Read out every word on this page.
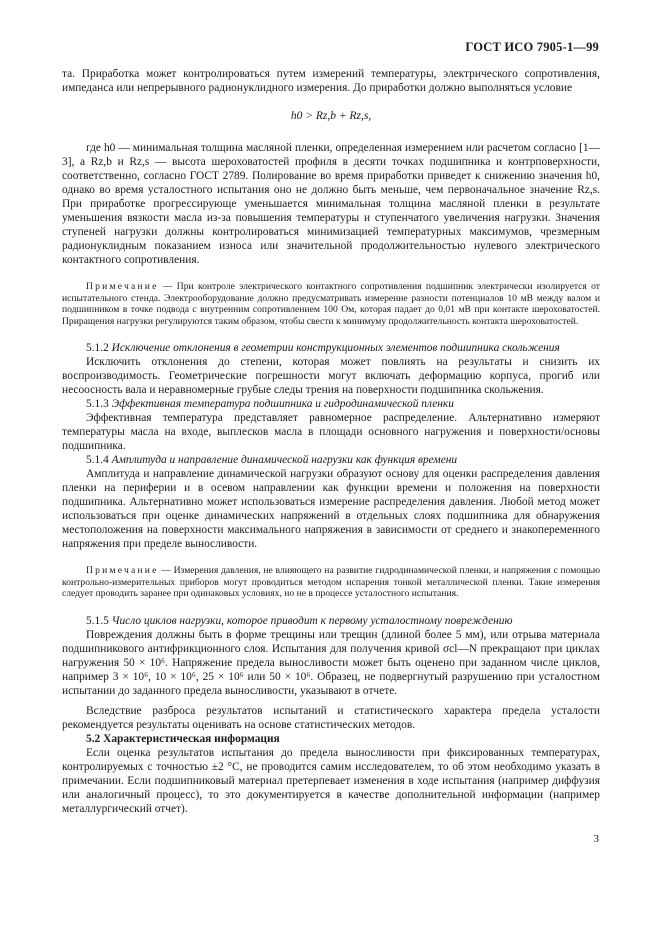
ГОСТ ИСО 7905-1—99

та. Приработка может контролироваться путем измерений температуры, электрического сопротивления, импеданса или непрерывного радионуклидного измерения. До приработки должно выполняться условие

h0 > Rz,b + Rz,s,

где h0 — минимальная толщина масляной пленки, определенная измерением или расчетом согласно [1—3], а Rz,b и Rz,s — высота шероховатостей профиля в десяти точках подшипника и контрповерхности, соответственно, согласно ГОСТ 2789. Полирование во время приработки приведет к снижению значения h0, однако во время усталостного испытания оно не должно быть меньше, чем первоначальное значение Rz,s. При приработке прогрессирующе уменьшается минимальная толщина масляной пленки в результате уменьшения вязкости масла из-за повышения температуры и ступенчатого увеличения нагрузки. Значения ступеней нагрузки должны контролироваться минимизацией температурных максимумов, чрезмерным радионуклидным показанием износа или значительной продолжительностью нулевого электрического контактного сопротивления.

Примечание — При контроле электрического контактного сопротивления подшипник электрически изолируется от испытательного стенда. Электрооборудование должно предусматривать измерение разности потенциалов 10 мВ между валом и подшипником в точке подвода с внутренним сопротивлением 100 Ом, которая падает до 0,01 мВ при контакте шероховатостей. Приращения нагрузки регулируются таким образом, чтобы свести к минимуму продолжительность контакта шероховатостей.

5.1.2 Исключение отклонения в геометрии конструкционных элементов подшипника скольжения

Исключить отклонения до степени, которая может повлиять на результаты и снизить их воспроизводимость. Геометрические погрешности могут включать деформацию корпуса, прогиб или несоосность вала и неравномерные грубые следы трения на поверхности подшипника скольжения.

5.1.3 Эффективная температура подшипника и гидродинамической пленки

Эффективная температура представляет равномерное распределение. Альтернативно измеряют температуры масла на входе, выплесков масла в площади основного нагружения и поверхности/основы подшипника.

5.1.4 Амплитуда и направление динамической нагрузки как функция времени

Амплитуда и направление динамической нагрузки образуют основу для оценки распределения давления пленки на периферии и в осевом направлении как функции времени и положения на поверхности подшипника. Альтернативно может использоваться измерение распределения давления. Любой метод может использоваться при оценке динамических напряжений в отдельных слоях подшипника для обнаружения местоположения на поверхности максимального напряжения в зависимости от среднего и знакопеременного напряжения при пределе выносливости.

Примечание — Измерения давления, не влияющего на развитие гидродинамической пленки, и напряжения с помощью контрольно-измерительных приборов могут проводиться методом испарения тонкой металлической пленки. Такие измерения следует проводить заранее при одинаковых условиях, но не в процессе усталостного испытания.

5.1.5 Число циклов нагрузки, которое приводит к первому усталостному повреждению

Повреждения должны быть в форме трещины или трещин (длиной более 5 мм), или отрыва материала подшипникового антифрикционного слоя. Испытания для получения кривой σcl—N прекращают при циклах нагружения 50 × 10⁶. Напряжение предела выносливости может быть оценено при заданном числе циклов, например 3 × 10⁶, 10 × 10⁶, 25 × 10⁶ или 50 × 10⁶. Образец, не подвергнутый разрушению при усталостном испытании до заданного предела выносливости, указывают в отчете.

Вследствие разброса результатов испытаний и статистического характера предела усталости рекомендуется результаты оценивать на основе статистических методов.

5.2 Характеристическая информация

Если оценка результатов испытания до предела выносливости при фиксированных температурах, контролируемых с точностью ±2 °С, не проводится самим исследователем, то об этом необходимо указать в примечании. Если подшипниковый материал претерпевает изменения в ходе испытания (например диффузия или аналогичный процесс), то это документируется в качестве дополнительной информации (например металлургический отчет).

3
